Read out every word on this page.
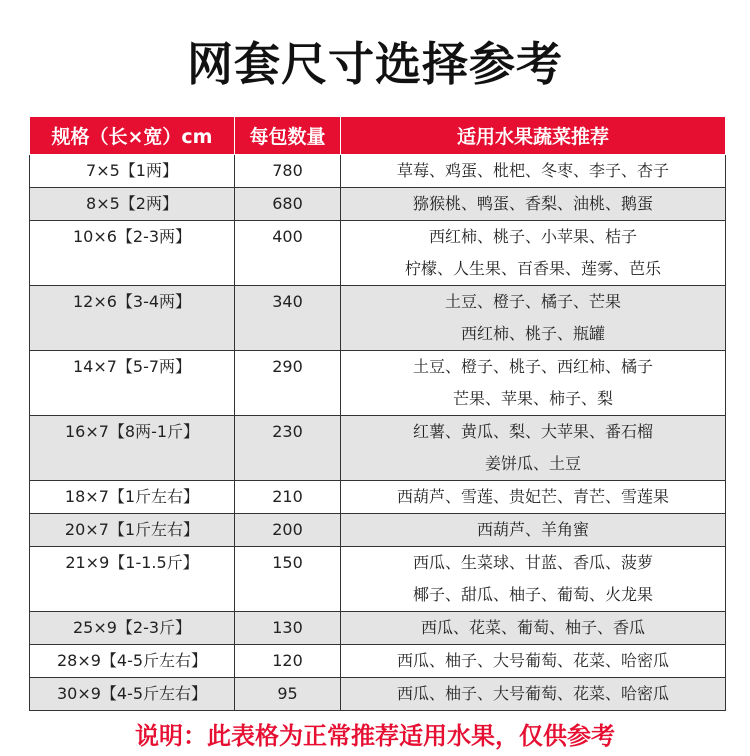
网套尺寸选择参考
规格（长×宽）cm	每包数量	适用水果蔬菜推荐
7×5【1两】	780	草莓、鸡蛋、枇杷、冬枣、李子、杏子

8×5【2两】	680	猕猴桃、鸭蛋、香梨、油桃、鹅蛋

10×6【2-3两】	400	西红柿、桃子、小苹果、桔子
柠檬、人生果、百香果、莲雾、芭乐

12×6【3-4两】	340	土豆、橙子、橘子、芒果
西红柿、桃子、瓶罐

14×7【5-7两】	290	土豆、橙子、桃子、西红柿、橘子
芒果、苹果、柿子、梨

16×7【8两-1斤】	230	红薯、黄瓜、梨、大苹果、番石榴
姜饼瓜、土豆

18×7【1斤左右】	210	西葫芦、雪莲、贵妃芒、青芒、雪莲果

20×7【1斤左右】	200	西葫芦、羊角蜜

21×9【1-1.5斤】	150	西瓜、生菜球、甘蓝、香瓜、菠萝
椰子、甜瓜、柚子、葡萄、火龙果

25×9【2-3斤】	130	西瓜、花菜、葡萄、柚子、香瓜

28×9【4-5斤左右】	120	西瓜、柚子、大号葡萄、花菜、哈密瓜

30×9【4-5斤左右】	95	西瓜、柚子、大号葡萄、花菜、哈密瓜
说明：此表格为正常推荐适用水果，仅供参考
